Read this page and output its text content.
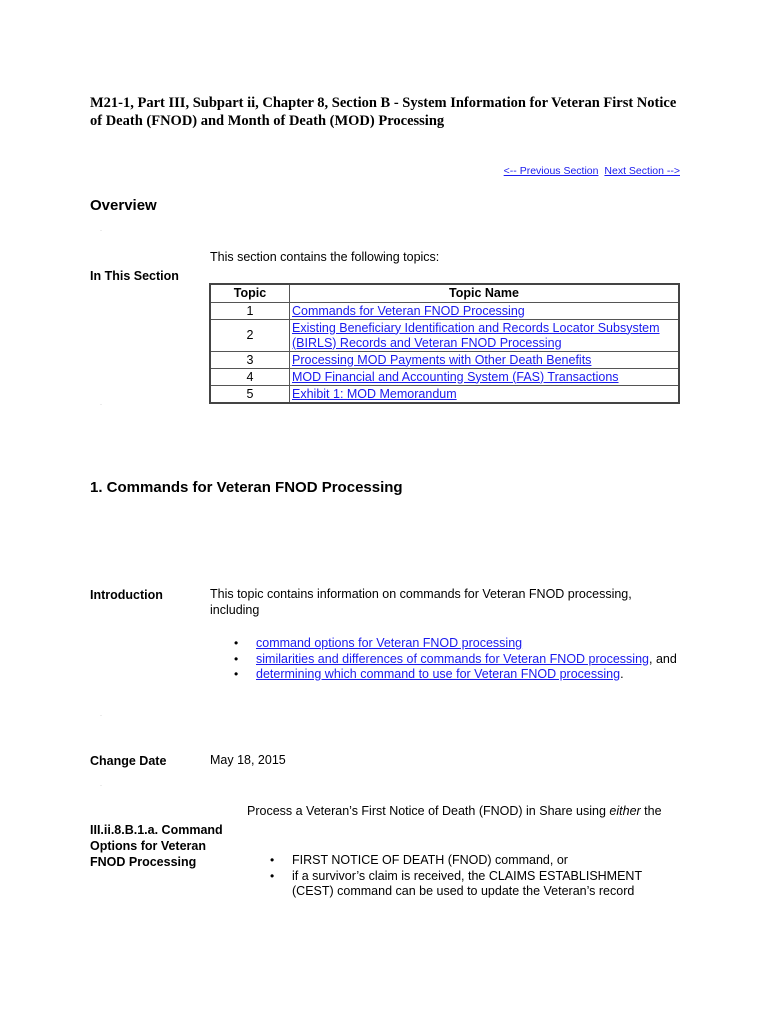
M21-1, Part III, Subpart ii, Chapter 8, Section B - System Information for Veteran First Notice of Death (FNOD) and Month of Death (MOD) Processing
<-- Previous Section Next Section -->
Overview
·
This section contains the following topics:
In This Section
Topic	Topic Name
1	Commands for Veteran FNOD Processing
2	Existing Beneficiary Identification and Records Locator Subsystem (BIRLS) Records and Veteran FNOD Processing
3	Processing MOD Payments with Other Death Benefits
4	MOD Financial and Accounting System (FAS) Transactions
5	Exhibit 1: MOD Memorandum
·
1. Commands for Veteran FNOD Processing
Introduction	This topic contains information on commands for Veteran FNOD processing, including
• command options for Veteran FNOD processing
• similarities and differences of commands for Veteran FNOD processing, and
• determining which command to use for Veteran FNOD processing.
·
Change Date	May 18, 2015
·
Process a Veteran’s First Notice of Death (FNOD) in Share using either the
III.ii.8.B.1.a. Command Options for Veteran FNOD Processing	• FIRST NOTICE OF DEATH (FNOD) command, or
• if a survivor’s claim is received, the CLAIMS ESTABLISHMENT (CEST) command can be used to update the Veteran’s record
